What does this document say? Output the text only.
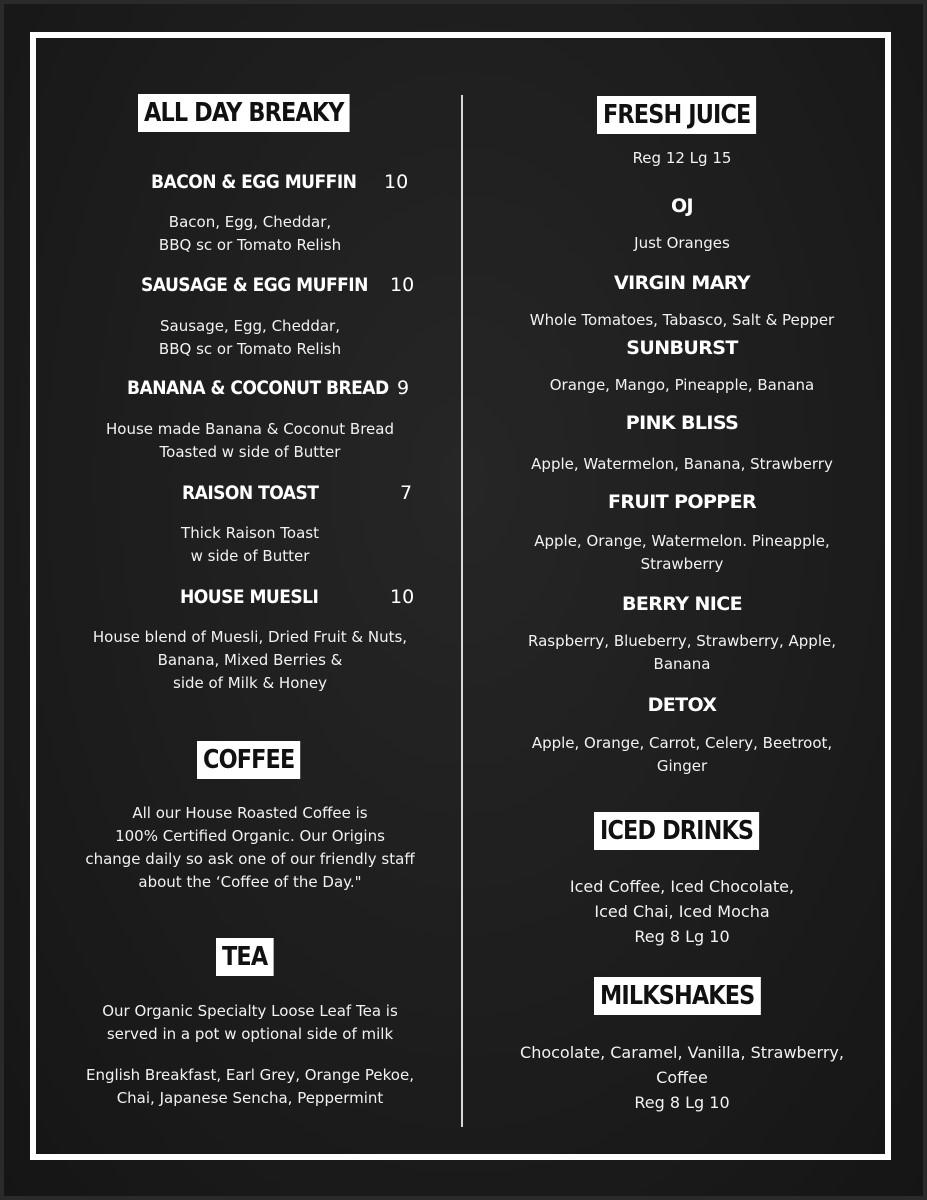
ALL DAY BREAKY
BACON & EGG MUFFIN 10
Bacon, Egg, Cheddar,
BBQ sc or Tomato Relish
SAUSAGE & EGG MUFFIN 10
Sausage, Egg, Cheddar,
BBQ sc or Tomato Relish
BANANA & COCONUT BREAD 9
House made Banana & Coconut Bread
Toasted w side of Butter
RAISON TOAST	7
Thick Raison Toast
w side of Butter
HOUSE MUESLI	10
House blend of Muesli, Dried Fruit & Nuts,
Banana, Mixed Berries &
side of Milk & Honey
COFFEE
All our House Roasted Coffee is
100% Certified Organic. Our Origins
change daily so ask one of our friendly staff
about the ‘Coffee of the Day."
TEA
Our Organic Specialty Loose Leaf Tea is
served in a pot w optional side of milk
English Breakfast, Earl Grey, Orange Pekoe,
Chai, Japanese Sencha, Peppermint
FRESH JUICE
Reg 12 Lg 15
OJ
Just Oranges
VIRGIN MARY
Whole Tomatoes, Tabasco, Salt & Pepper
SUNBURST
Orange, Mango, Pineapple, Banana
PINK BLISS
Apple, Watermelon, Banana, Strawberry
FRUIT POPPER
Apple, Orange, Watermelon. Pineapple,
Strawberry
BERRY NICE
Raspberry, Blueberry, Strawberry, Apple,
Banana
DETOX
Apple, Orange, Carrot, Celery, Beetroot,
Ginger
ICED DRINKS
Iced Coffee, Iced Chocolate,
Iced Chai, Iced Mocha
Reg 8 Lg 10
MILKSHAKES
Chocolate, Caramel, Vanilla, Strawberry,
Coffee
Reg 8 Lg 10
